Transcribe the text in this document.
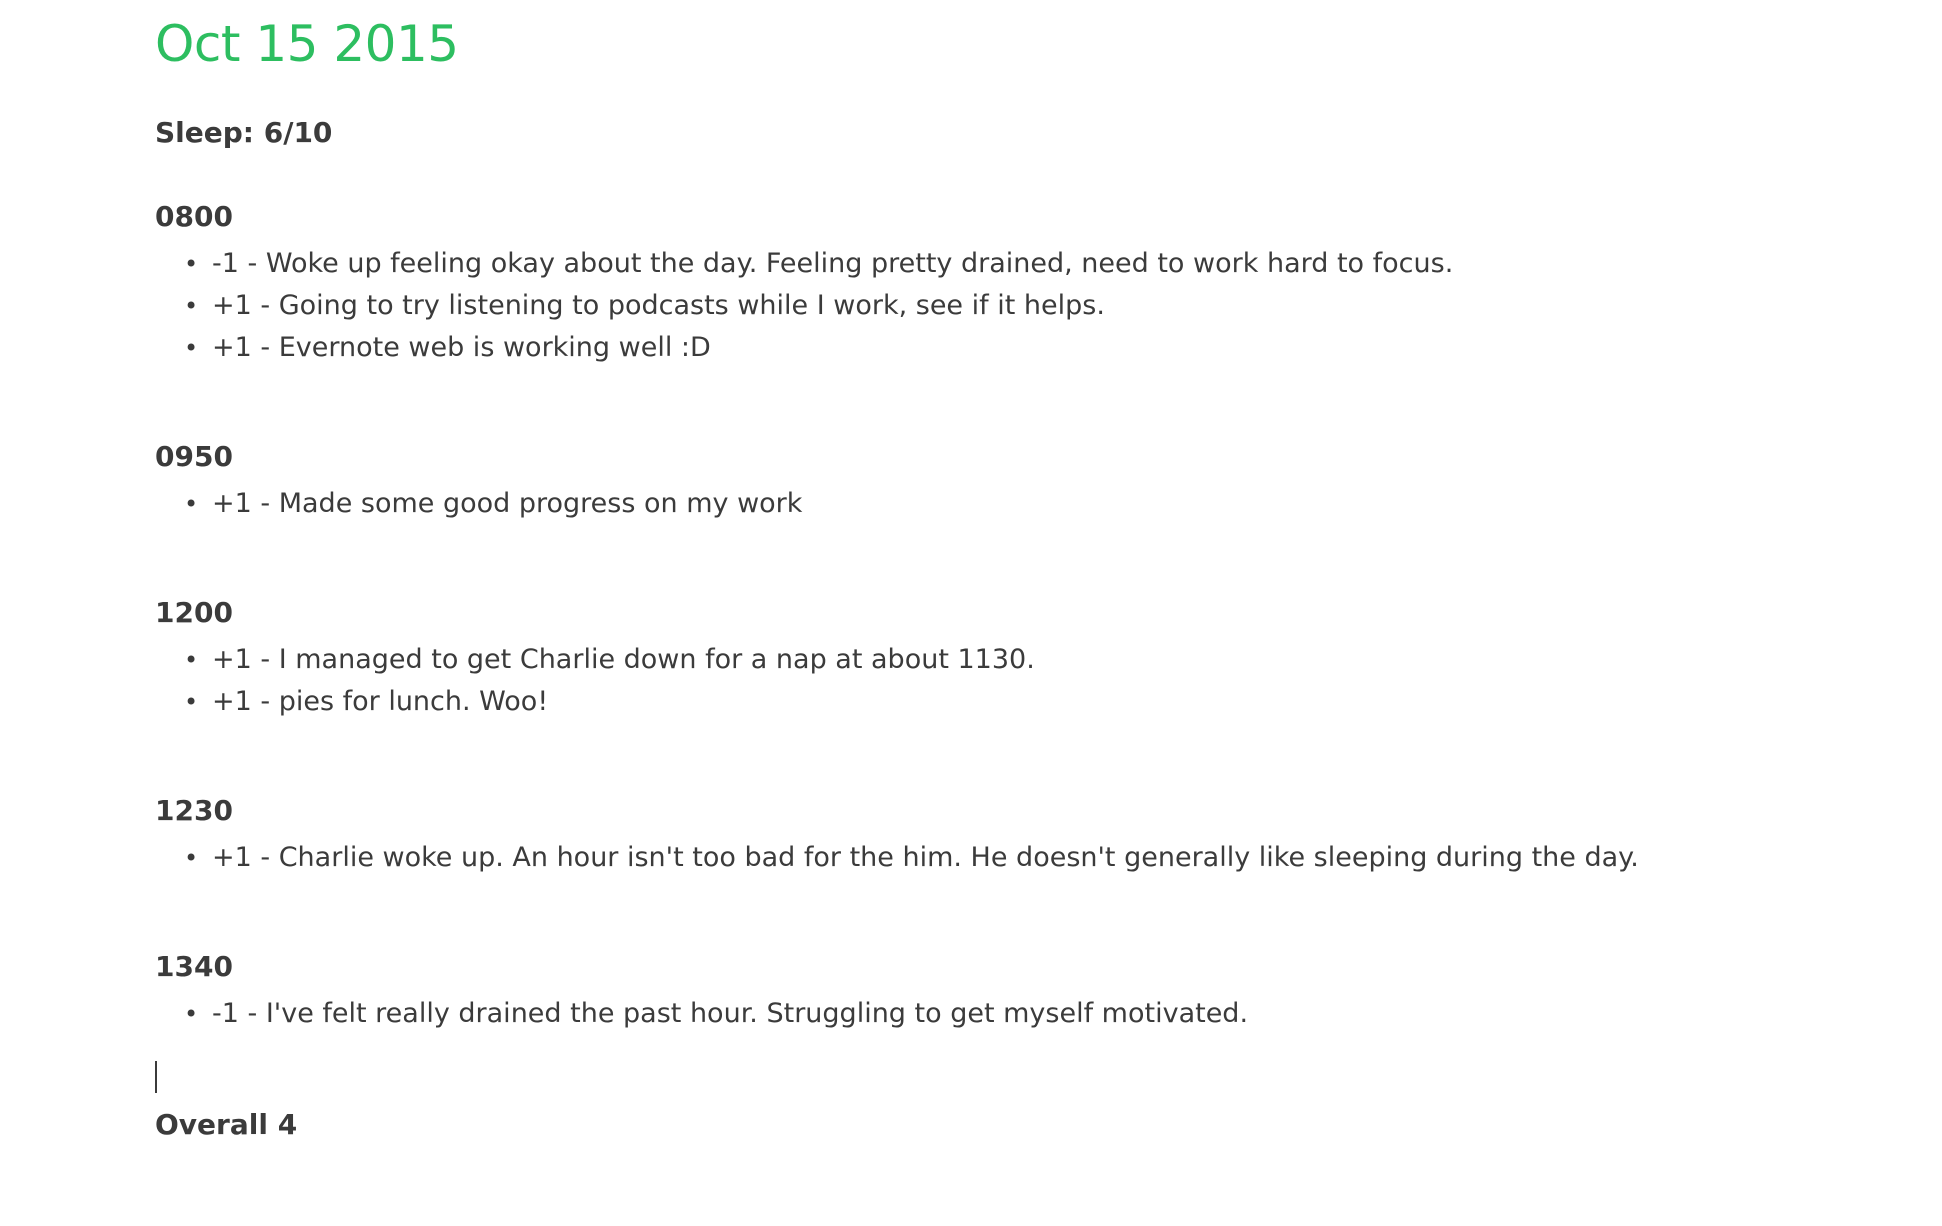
Oct 15 2015
Sleep: 6/10
0800
• -1 - Woke up feeling okay about the day. Feeling pretty drained, need to work hard to focus.
• +1 - Going to try listening to podcasts while I work, see if it helps.
• +1 - Evernote web is working well :D
0950
• +1 - Made some good progress on my work
1200
• +1 - I managed to get Charlie down for a nap at about 1130.
• +1 - pies for lunch. Woo!
1230
• +1 - Charlie woke up. An hour isn't too bad for the him. He doesn't generally like sleeping during the day.
1340
• -1 - I've felt really drained the past hour. Struggling to get myself motivated.
Overall 4
